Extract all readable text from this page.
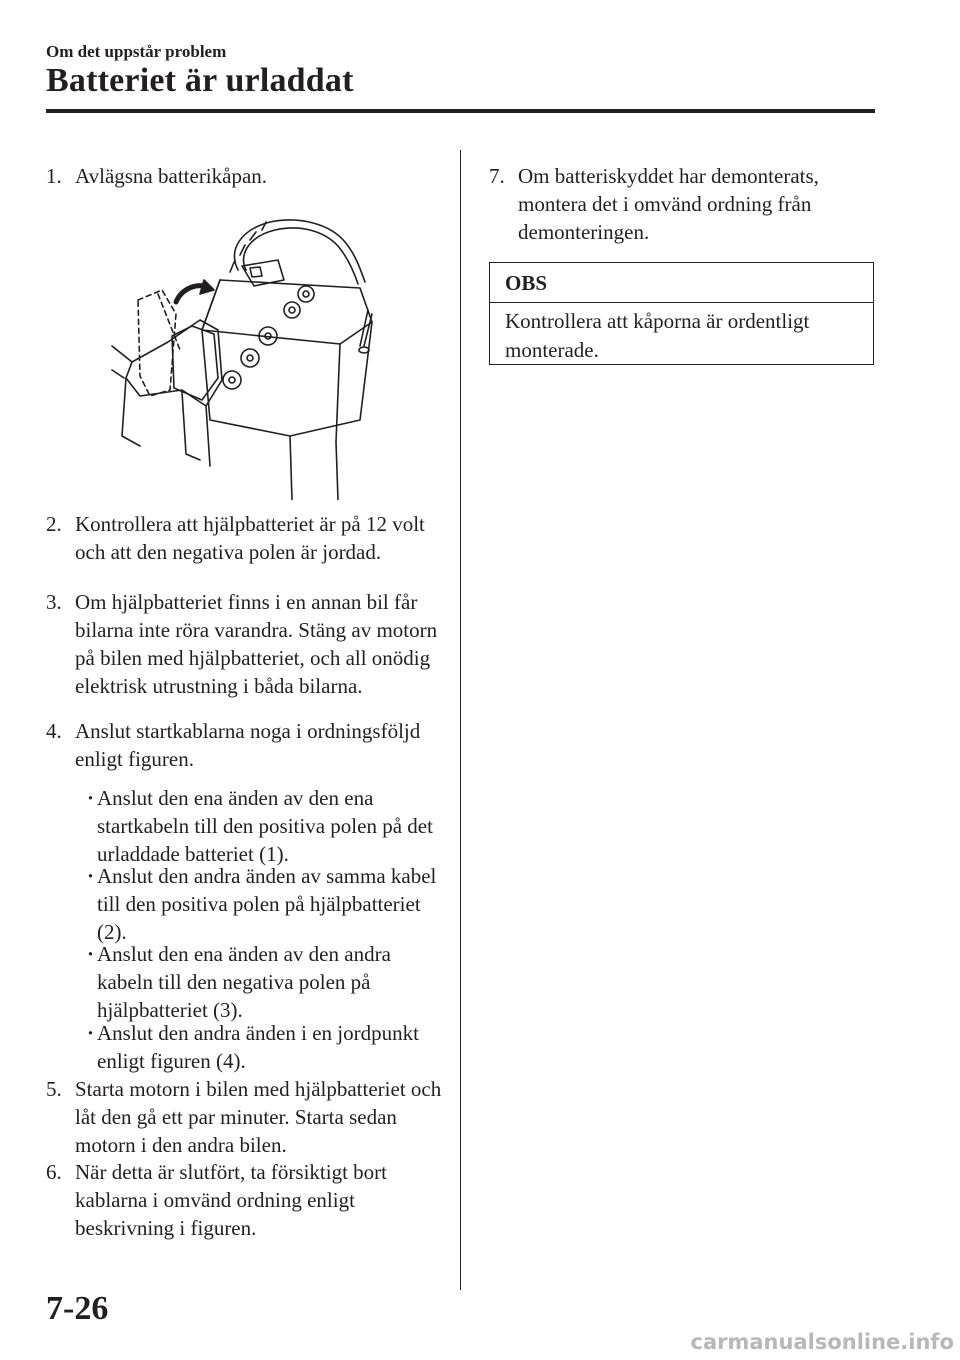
Om det uppstår problem
Batteriet är urladdat
1. Avlägsna batterikåpan.
2. Kontrollera att hjälpbatteriet är på 12 volt och att den negativa polen är jordad.
3. Om hjälpbatteriet finns i en annan bil får bilarna inte röra varandra. Stäng av motorn på bilen med hjälpbatteriet, och all onödig elektrisk utrustning i båda bilarna.
4. Anslut startkablarna noga i ordningsföljd enligt figuren.
· Anslut den ena änden av den ena startkabeln till den positiva polen på det urladdade batteriet (1).
· Anslut den andra änden av samma kabel till den positiva polen på hjälpbatteriet (2).
· Anslut den ena änden av den andra kabeln till den negativa polen på hjälpbatteriet (3).
· Anslut den andra änden i en jordpunkt enligt figuren (4).
5. Starta motorn i bilen med hjälpbatteriet och låt den gå ett par minuter. Starta sedan motorn i den andra bilen.
6. När detta är slutfört, ta försiktigt bort kablarna i omvänd ordning enligt beskrivning i figuren.
7. Om batteriskyddet har demonterats, montera det i omvänd ordning från demonteringen.
OBS
Kontrollera att kåporna är ordentligt monterade.
7-26
carmanualsonline.info
